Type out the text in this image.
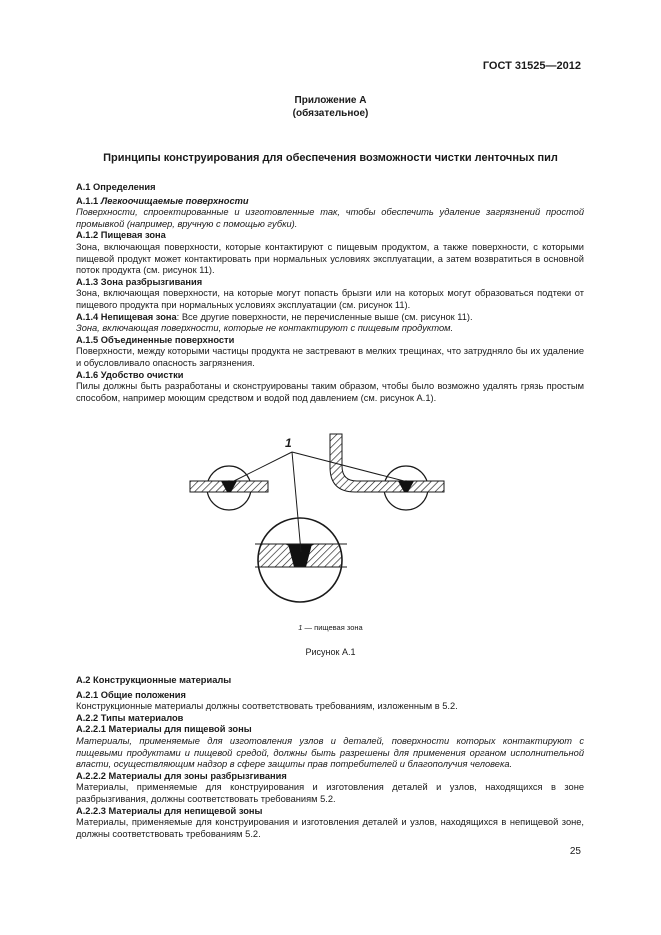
ГОСТ 31525—2012
Приложение А
(обязательное)
Принципы конструирования для обеспечения возможности чистки ленточных пил

А.1 Определения

А.1.1 Легкоочищаемые поверхности

Поверхности, спроектированные и изготовленные так, чтобы обеспечить удаление загрязнений простой промывкой (например, вручную с помощью губки).

А.1.2 Пищевая зона

Зона, включающая поверхности, которые контактируют с пищевым продуктом, а также поверхности, с которыми пищевой продукт может контактировать при нормальных условиях эксплуатации, а затем возвратиться в основной поток продукта (см. рисунок 11).

А.1.3 Зона разбрызгивания

Зона, включающая поверхности, на которые могут попасть брызги или на которых могут образоваться подтеки от пищевого продукта при нормальных условиях эксплуатации (см. рисунок 11).

А.1.4 Непищевая зона: Все другие поверхности, не перечисленные выше (см. рисунок 11).

Зона, включающая поверхности, которые не контактируют с пищевым продуктом.

А.1.5 Объединенные поверхности

Поверхности, между которыми частицы продукта не застревают в мелких трещинах, что затрудняло бы их удаление и обусловливало опасность загрязнения.

А.1.6 Удобство очистки

Пилы должны быть разработаны и сконструированы таким образом, чтобы было возможно удалять грязь простым способом, например моющим средством и водой под давлением (см. рисунок А.1).

1
1 — пищевая зона
Рисунок А.1

А.2 Конструкционные материалы

А.2.1 Общие положения

Конструкционные материалы должны соответствовать требованиям, изложенным в 5.2.

А.2.2 Типы материалов

А.2.2.1 Материалы для пищевой зоны

Материалы, применяемые для изготовления узлов и деталей, поверхности которых контактируют с пищевыми продуктами и пищевой средой, должны быть разрешены для применения органом исполнительной власти, осуществляющим надзор в сфере защиты прав потребителей и благополучия человека.

А.2.2.2 Материалы для зоны разбрызгивания

Материалы, применяемые для конструирования и изготовления деталей и узлов, находящихся в зоне разбрызгивания, должны соответствовать требованиям 5.2.

А.2.2.3 Материалы для непищевой зоны

Материалы, применяемые для конструирования и изготовления деталей и узлов, находящихся в непищевой зоне, должны соответствовать требованиям 5.2.

25
